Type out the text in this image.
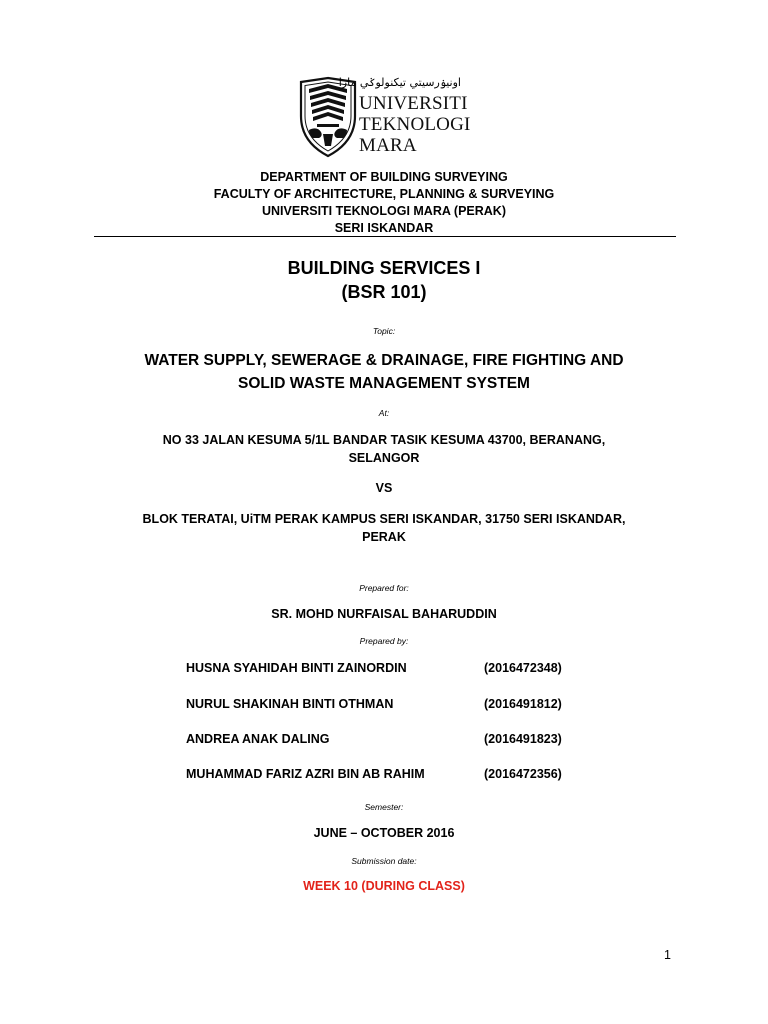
اونيۏرسيتي تيکنولوݢي مارا
UNIVERSITI
TEKNOLOGI
MARA
DEPARTMENT OF BUILDING SURVEYING
FACULTY OF ARCHITECTURE, PLANNING & SURVEYING
UNIVERSITI TEKNOLOGI MARA (PERAK)
SERI ISKANDAR
BUILDING SERVICES I
(BSR 101)
Topic:
WATER SUPPLY, SEWERAGE & DRAINAGE, FIRE FIGHTING AND
SOLID WASTE MANAGEMENT SYSTEM
At:
NO 33 JALAN KESUMA 5/1L BANDAR TASIK KESUMA 43700, BERANANG,
SELANGOR
VS
BLOK TERATAI, UiTM PERAK KAMPUS SERI ISKANDAR, 31750 SERI ISKANDAR,
PERAK
Prepared for:
SR. MOHD NURFAISAL BAHARUDDIN
Prepared by:
HUSNA SYAHIDAH BINTI ZAINORDIN	(2016472348)
NURUL SHAKINAH BINTI OTHMAN	(2016491812)
ANDREA ANAK DALING	(2016491823)
MUHAMMAD FARIZ AZRI BIN AB RAHIM	(2016472356)
Semester:
JUNE – OCTOBER 2016
Submission date:
WEEK 10 (DURING CLASS)
1
